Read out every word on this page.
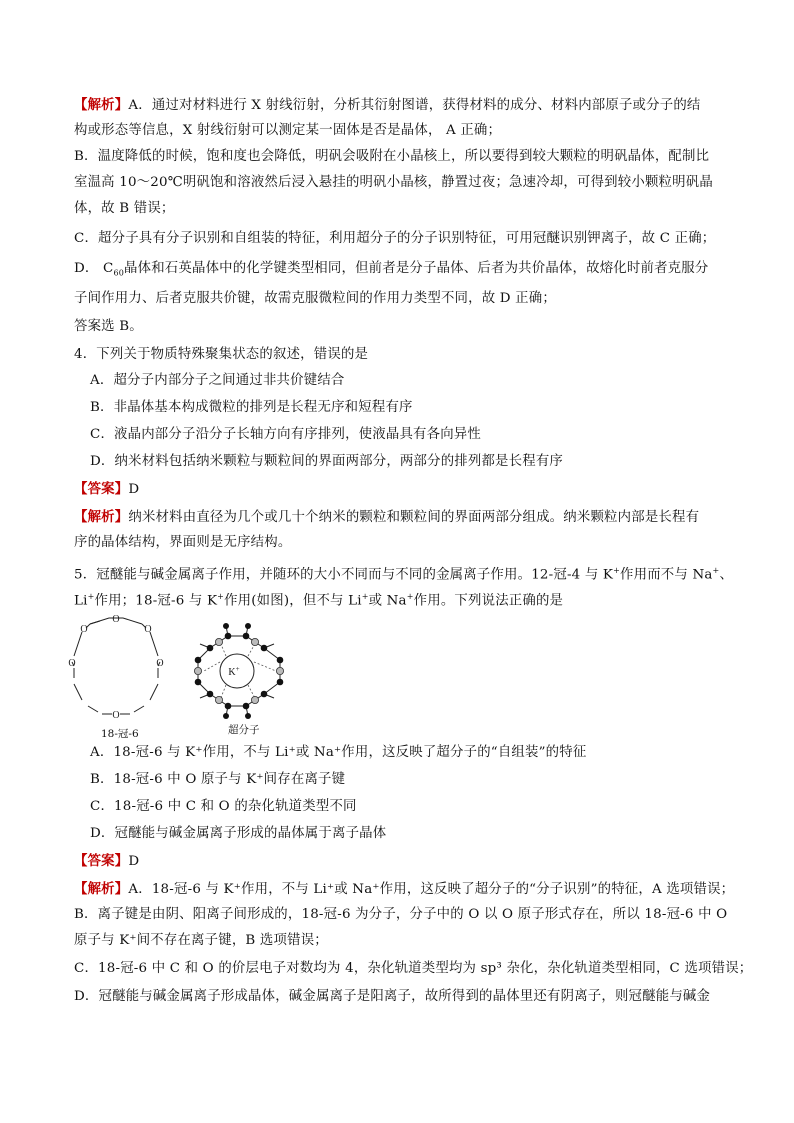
【解析】A．通过对材料进行 X 射线衍射，分析其衍射图谱，获得材料的成分、材料内部原子或分子的结
构或形态等信息，X 射线衍射可以测定某一固体是否是晶体， A 正确；
B．温度降低的时候，饱和度也会降低，明矾会吸附在小晶核上，所以要得到较大颗粒的明矾晶体，配制比
室温高 10～20℃明矾饱和溶液然后浸入悬挂的明矾小晶核，静置过夜；急速冷却，可得到较小颗粒明矾晶
体，故 B 错误；
C．超分子具有分子识别和自组装的特征，利用超分子的分子识别特征，可用冠醚识别钾离子，故 C 正确；
D． $C_{60}$晶体和石英晶体中的化学键类型相同，但前者是分子晶体、后者为共价晶体，故熔化时前者克服分
子间作用力、后者克服共价键，故需克服微粒间的作用力类型不同，故 D 正确；
答案选 B。
4．下列关于物质特殊聚集状态的叙述，错误的是
A．超分子内部分子之间通过非共价键结合
B．非晶体基本构成微粒的排列是长程无序和短程有序
C．液晶内部分子沿分子长轴方向有序排列，使液晶具有各向异性
D．纳米材料包括纳米颗粒与颗粒间的界面两部分，两部分的排列都是长程有序
【答案】D
【解析】纳米材料由直径为几个或几十个纳米的颗粒和颗粒间的界面两部分组成。纳米颗粒内部是长程有
序的晶体结构，界面则是无序结构。
5．冠醚能与碱金属离子作用，并随环的大小不同而与不同的金属离子作用。12-冠-4 与 K+作用而不与 Na+、
Li+作用；18-冠-6 与 K+作用(如图)，但不与 Li+或 Na+作用。下列说法正确的是
O
O	O
O	O
O
18-冠-6
K+
超分子
A．18-冠-6 与 K⁺作用，不与 Li⁺或 Na⁺作用，这反映了超分子的“自组装”的特征
B．18-冠-6 中 O 原子与 K⁺间存在离子键
C．18-冠-6 中 C 和 O 的杂化轨道类型不同
D．冠醚能与碱金属离子形成的晶体属于离子晶体
【答案】D
【解析】A．18-冠-6 与 K⁺作用，不与 Li⁺或 Na⁺作用，这反映了超分子的“分子识别”的特征，A 选项错误；
B．离子键是由阴、阳离子间形成的，18-冠-6 为分子，分子中的 O 以 O 原子形式存在，所以 18-冠-6 中 O
原子与 K⁺间不存在离子键，B 选项错误；
C．18-冠-6 中 C 和 O 的价层电子对数均为 4，杂化轨道类型均为 sp³ 杂化，杂化轨道类型相同，C 选项错误；
D．冠醚能与碱金属离子形成晶体，碱金属离子是阳离子，故所得到的晶体里还有阴离子，则冠醚能与碱金
